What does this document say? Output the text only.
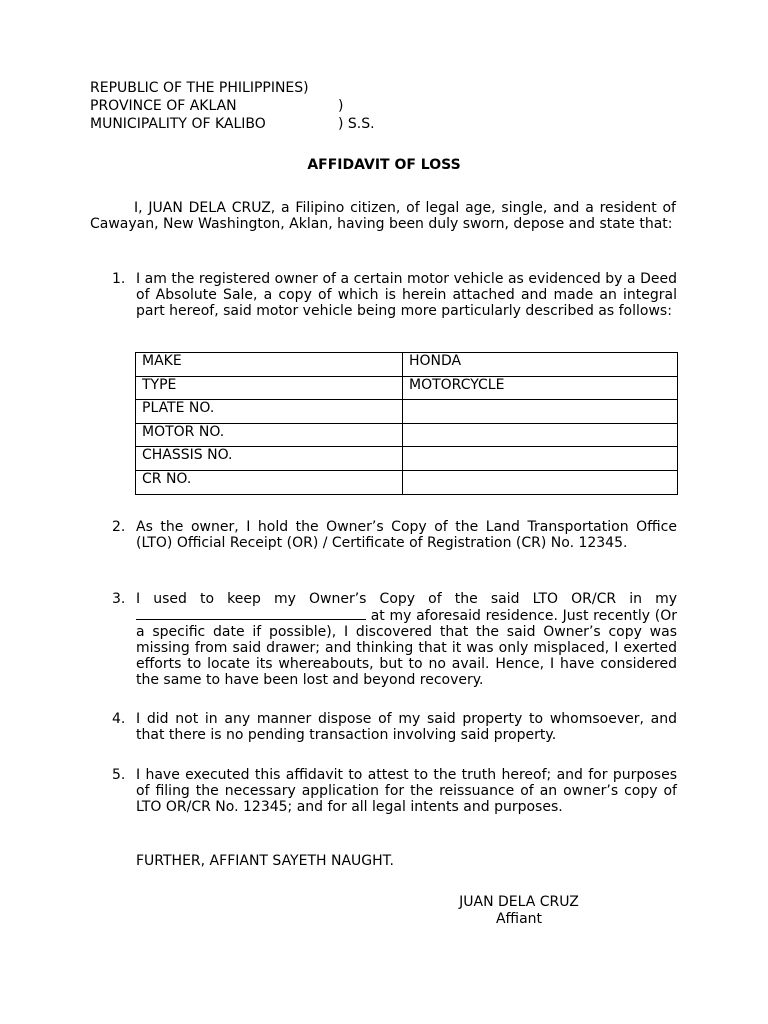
REPUBLIC OF THE PHILIPPINES)
PROVINCE OF AKLAN	)
MUNICIPALITY OF KALIBO	) S.S.
AFFIDAVIT OF LOSS
I, JUAN DELA CRUZ, a Filipino citizen, of legal age, single, and a resident of Cawayan, New Washington, Aklan, having been duly sworn, depose and state that:
1. I am the registered owner of a certain motor vehicle as evidenced by a Deed of Absolute Sale, a copy of which is herein attached and made an integral part hereof, said motor vehicle being more particularly described as follows:
MAKE	HONDA
TYPE	MOTORCYCLE
PLATE NO.	
MOTOR NO.	
CHASSIS NO.	
CR NO.	
2. As the owner, I hold the Owner’s Copy of the Land Transportation Office (LTO) Official Receipt (OR) / Certificate of Registration (CR) No. 12345.
3. I used to keep my Owner’s Copy of the said LTO OR/CR in my  at my aforesaid residence. Just recently (Or a specific date if possible), I discovered that the said Owner’s copy was missing from said drawer; and thinking that it was only misplaced, I exerted efforts to locate its whereabouts, but to no avail. Hence, I have considered the same to have been lost and beyond recovery.
4. I did not in any manner dispose of my said property to whomsoever, and that there is no pending transaction involving said property.
5. I have executed this affidavit to attest to the truth hereof; and for purposes of filing the necessary application for the reissuance of an owner’s copy of LTO OR/CR No. 12345; and for all legal intents and purposes.
FURTHER, AFFIANT SAYETH NAUGHT.
JUAN DELA CRUZ
Affiant
